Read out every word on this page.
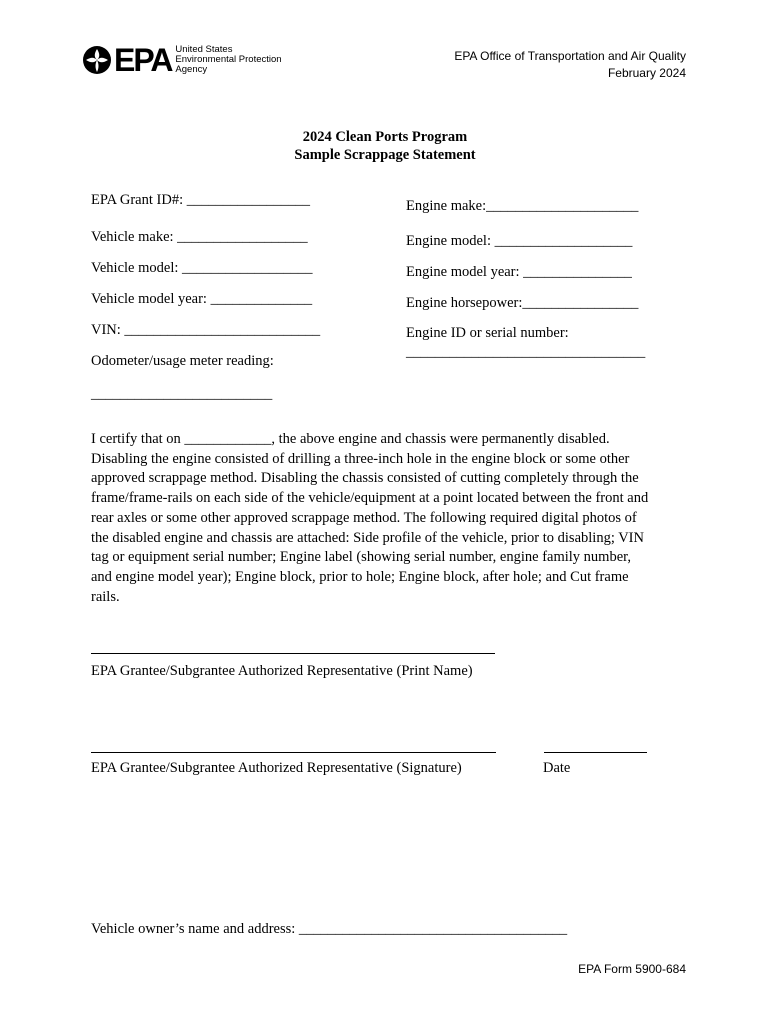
EPA United States
Environmental Protection
Agency
EPA Office of Transportation and Air Quality
February 2024
2024 Clean Ports Program
Sample Scrappage Statement
EPA Grant ID#: _________________
Vehicle make: __________________
Vehicle model: __________________
Vehicle model year: ______________
VIN: ___________________________
Odometer/usage meter reading:
_________________________
Engine make:_____________________
Engine model: ___________________
Engine model year: _______________
Engine horsepower:________________
Engine ID or serial number:
_________________________________
I certify that on ____________, the above engine and chassis were permanently disabled. Disabling the engine consisted of drilling a three-inch hole in the engine block or some other approved scrappage method. Disabling the chassis consisted of cutting completely through the frame/frame-rails on each side of the vehicle/equipment at a point located between the front and rear axles or some other approved scrappage method. The following required digital photos of the disabled engine and chassis are attached: Side profile of the vehicle, prior to disabling; VIN tag or equipment serial number; Engine label (showing serial number, engine family number, and engine model year); Engine block, prior to hole; Engine block, after hole; and Cut frame rails.
EPA Grantee/Subgrantee Authorized Representative (Print Name)
EPA Grantee/Subgrantee Authorized Representative (Signature)	Date
Vehicle owner’s name and address: _____________________________________
EPA Form 5900-684
